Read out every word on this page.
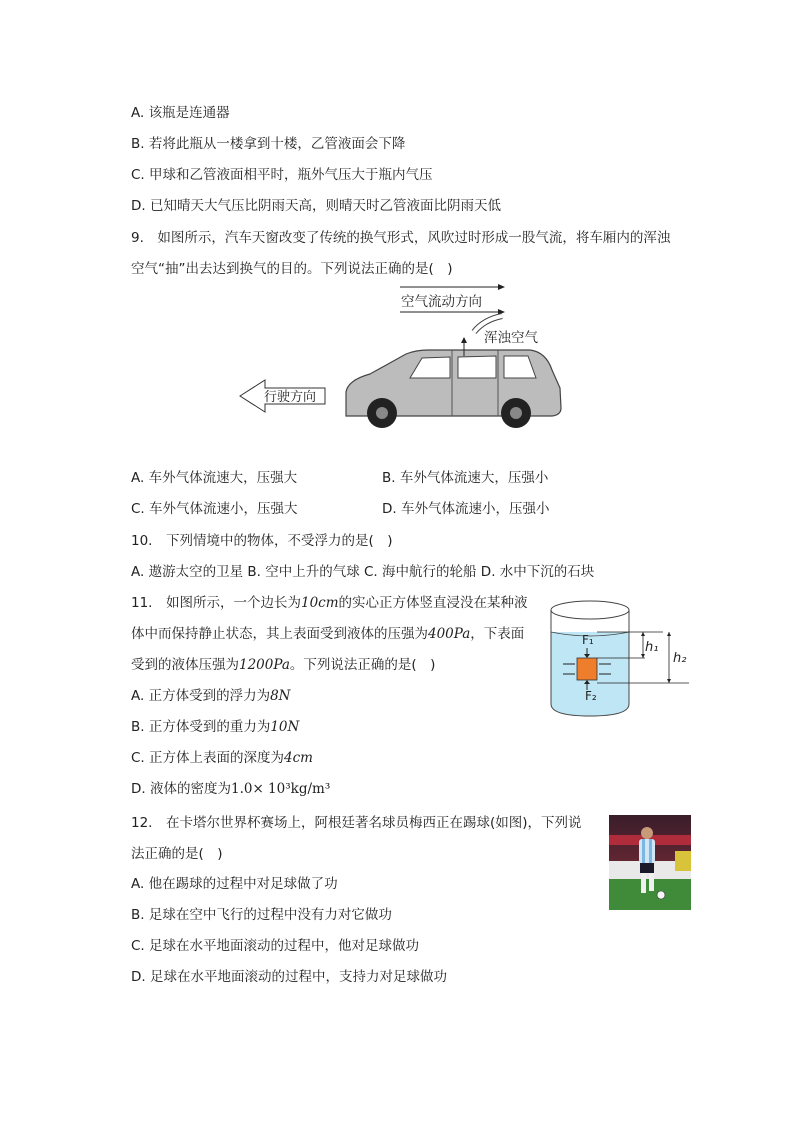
A. 该瓶是连通器
B. 若将此瓶从一楼拿到十楼，乙管液面会下降
C. 甲球和乙管液面相平时，瓶外气压大于瓶内气压
D. 已知晴天大气压比阴雨天高，则晴天时乙管液面比阴雨天低
9.　如图所示，汽车天窗改变了传统的换气形式，风吹过时形成一股气流，将车厢内的浑浊
空气“抽”出去达到换气的目的。下列说法正确的是(　)
空气流动方向
浑浊空气
行驶方向
A. 车外气体流速大，压强大	B. 车外气体流速大，压强小
C. 车外气体流速小，压强大	D. 车外气体流速小，压强小
10.　下列情境中的物体，不受浮力的是(　)
A. 遨游太空的卫星 B. 空中上升的气球 C. 海中航行的轮船 D. 水中下沉的石块
11.　如图所示，一个边长为10cm的实心正方体竖直浸没在某种液
体中而保持静止状态，其上表面受到液体的压强为400Pa，下表面
受到的液体压强为1200Pa。下列说法正确的是(　)
A. 正方体受到的浮力为8N
B. 正方体受到的重力为10N
C. 正方体上表面的深度为4cm
D. 液体的密度为1.0× 10³kg/m³
F₁
F₂
h₁
h₂
12.　在卡塔尔世界杯赛场上，阿根廷著名球员梅西正在踢球(如图)，下列说
法正确的是(　)
A. 他在踢球的过程中对足球做了功
B. 足球在空中飞行的过程中没有力对它做功
C. 足球在水平地面滚动的过程中，他对足球做功
D. 足球在水平地面滚动的过程中，支持力对足球做功
